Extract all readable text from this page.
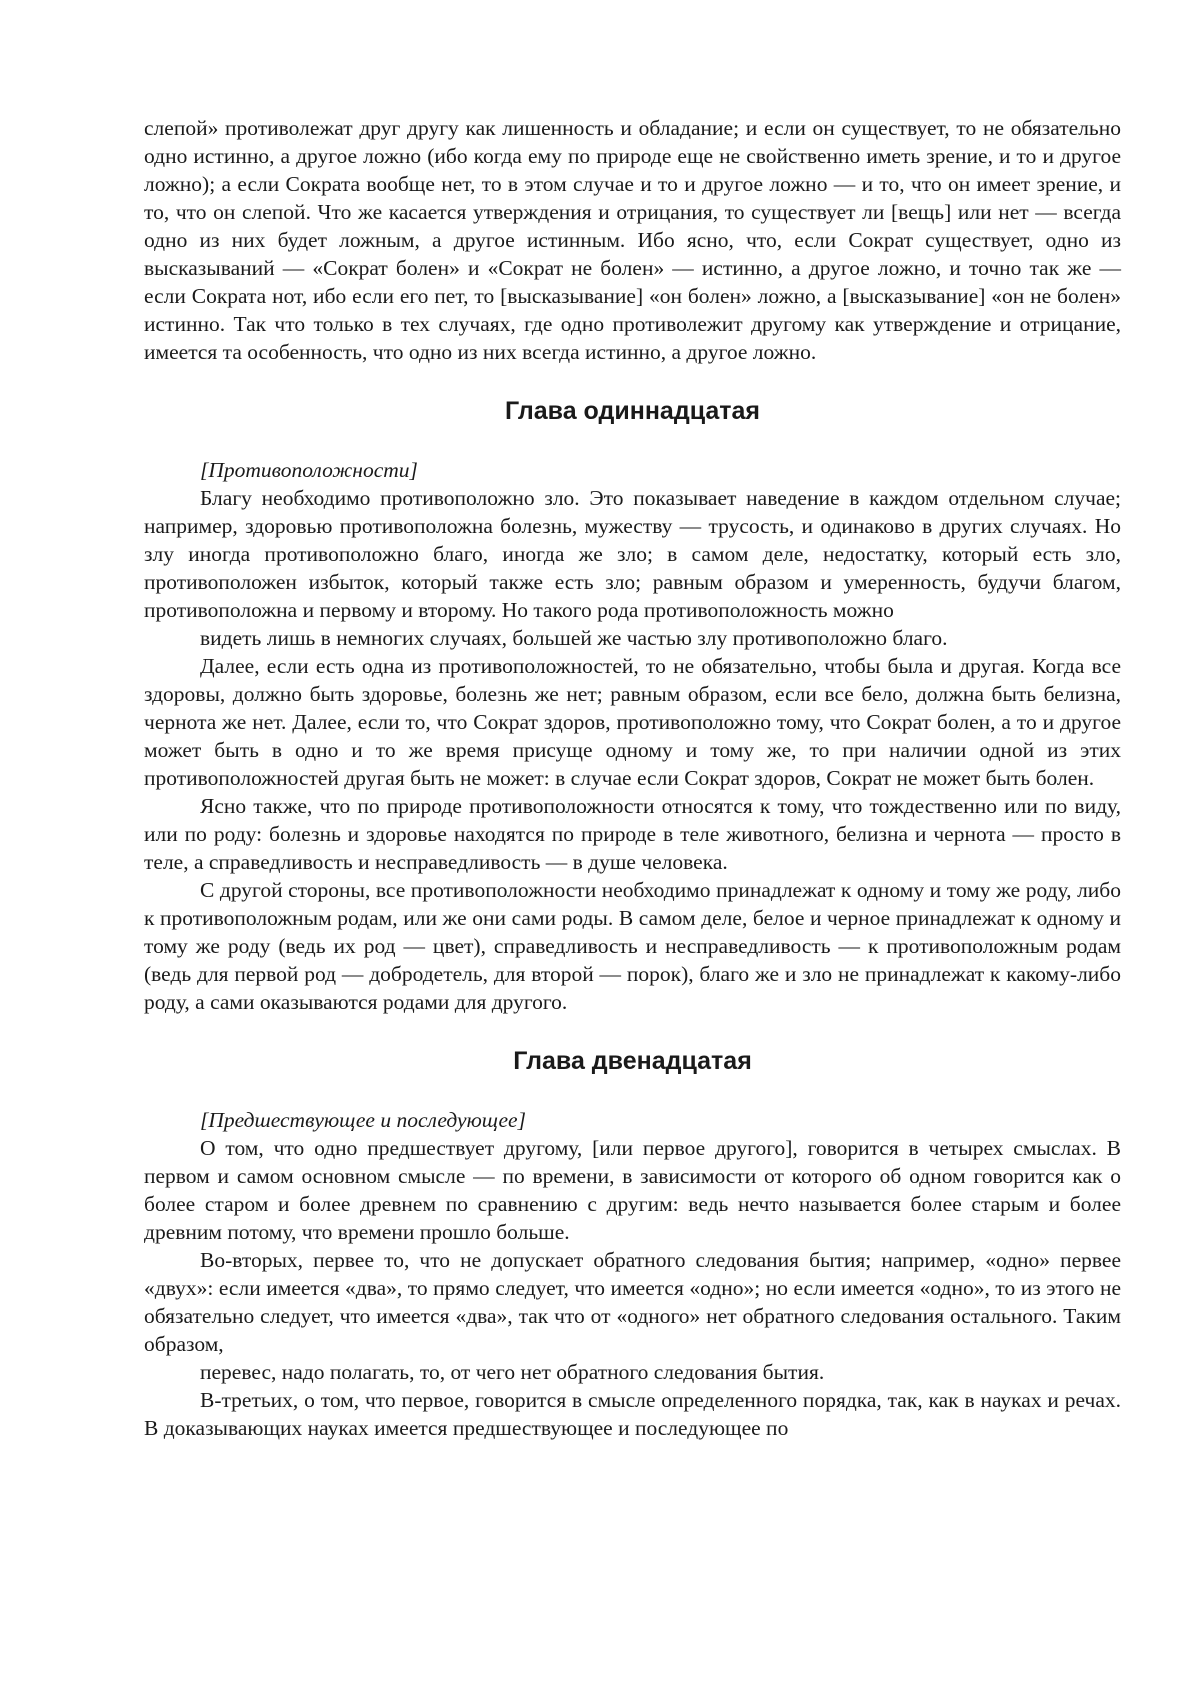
слепой» противолежат друг другу как лишенность и обладание; и если он существует, то не обязательно одно истинно, а другое ложно (ибо когда ему по природе еще не свойственно иметь зрение, и то и другое ложно); а если Сократа вообще нет, то в этом случае и то и другое ложно — и то, что он имеет зрение, и то, что он слепой. Что же касается утверждения и отрицания, то существует ли [вещь] или нет — всегда одно из них будет ложным, а другое истинным. Ибо ясно, что, если Сократ существует, одно из высказываний — «Сократ болен» и «Сократ не болен» — истинно, а другое ложно, и точно так же — если Сократа нот, ибо если его пет, то [высказывание] «он болен» ложно, а [высказывание] «он не болен» истинно. Так что только в тех случаях, где одно противолежит другому как утверждение и отрицание, имеется та особенность, что одно из них всегда истинно, а другое ложно.

Глава одиннадцатая

[Противоположности]

Благу необходимо противоположно зло. Это показывает наведение в каждом отдельном случае; например, здоровью противоположна болезнь, мужеству — трусость, и одинаково в других случаях. Но злу иногда противоположно благо, иногда же зло; в самом деле, недостатку, который есть зло, противоположен избыток, который также есть зло; равным образом и умеренность, будучи благом, противоположна и первому и второму. Но такого рода противоположность можно

видеть лишь в немногих случаях, большей же частью злу противоположно благо.

Далее, если есть одна из противоположностей, то не обязательно, чтобы была и другая. Когда все здоровы, должно быть здоровье, болезнь же нет; равным образом, если все бело, должна быть белизна, чернота же нет. Далее, если то, что Сократ здоров, противоположно тому, что Сократ болен, а то и другое может быть в одно и то же время присуще одному и тому же, то при наличии одной из этих противоположностей другая быть не может: в случае если Сократ здоров, Сократ не может быть болен.

Ясно также, что по природе противоположности относятся к тому, что тождественно или по виду, или по роду: болезнь и здоровье находятся по природе в теле животного, белизна и чернота — просто в теле, а справедливость и несправедливость — в душе человека.

С другой стороны, все противоположности необходимо принадлежат к одному и тому же роду, либо к противоположным родам, или же они сами роды. В самом деле, белое и черное принадлежат к одному и тому же роду (ведь их род — цвет), справедливость и несправедливость — к противоположным родам (ведь для первой род — добродетель, для второй — порок), благо же и зло не принадлежат к какому-либо роду, а сами оказываются родами для другого.

Глава двенадцатая

[Предшествующее и последующее]

О том, что одно предшествует другому, [или первое другого], говорится в четырех смыслах. В первом и самом основном смысле — по времени, в зависимости от которого об одном говорится как о более старом и более древнем по сравнению с другим: ведь нечто называется более старым и более древним потому, что времени прошло больше.

Во-вторых, первее то, что не допускает обратного следования бытия; например, «одно» первее «двух»: если имеется «два», то прямо следует, что имеется «одно»; но если имеется «одно», то из этого не обязательно следует, что имеется «два», так что от «одного» нет обратного следования остального. Таким образом,

перевес, надо полагать, то, от чего нет обратного следования бытия.

В-третьих, о том, что первое, говорится в смысле определенного порядка, так, как в науках и речах. В доказывающих науках имеется предшествующее и последующее по
